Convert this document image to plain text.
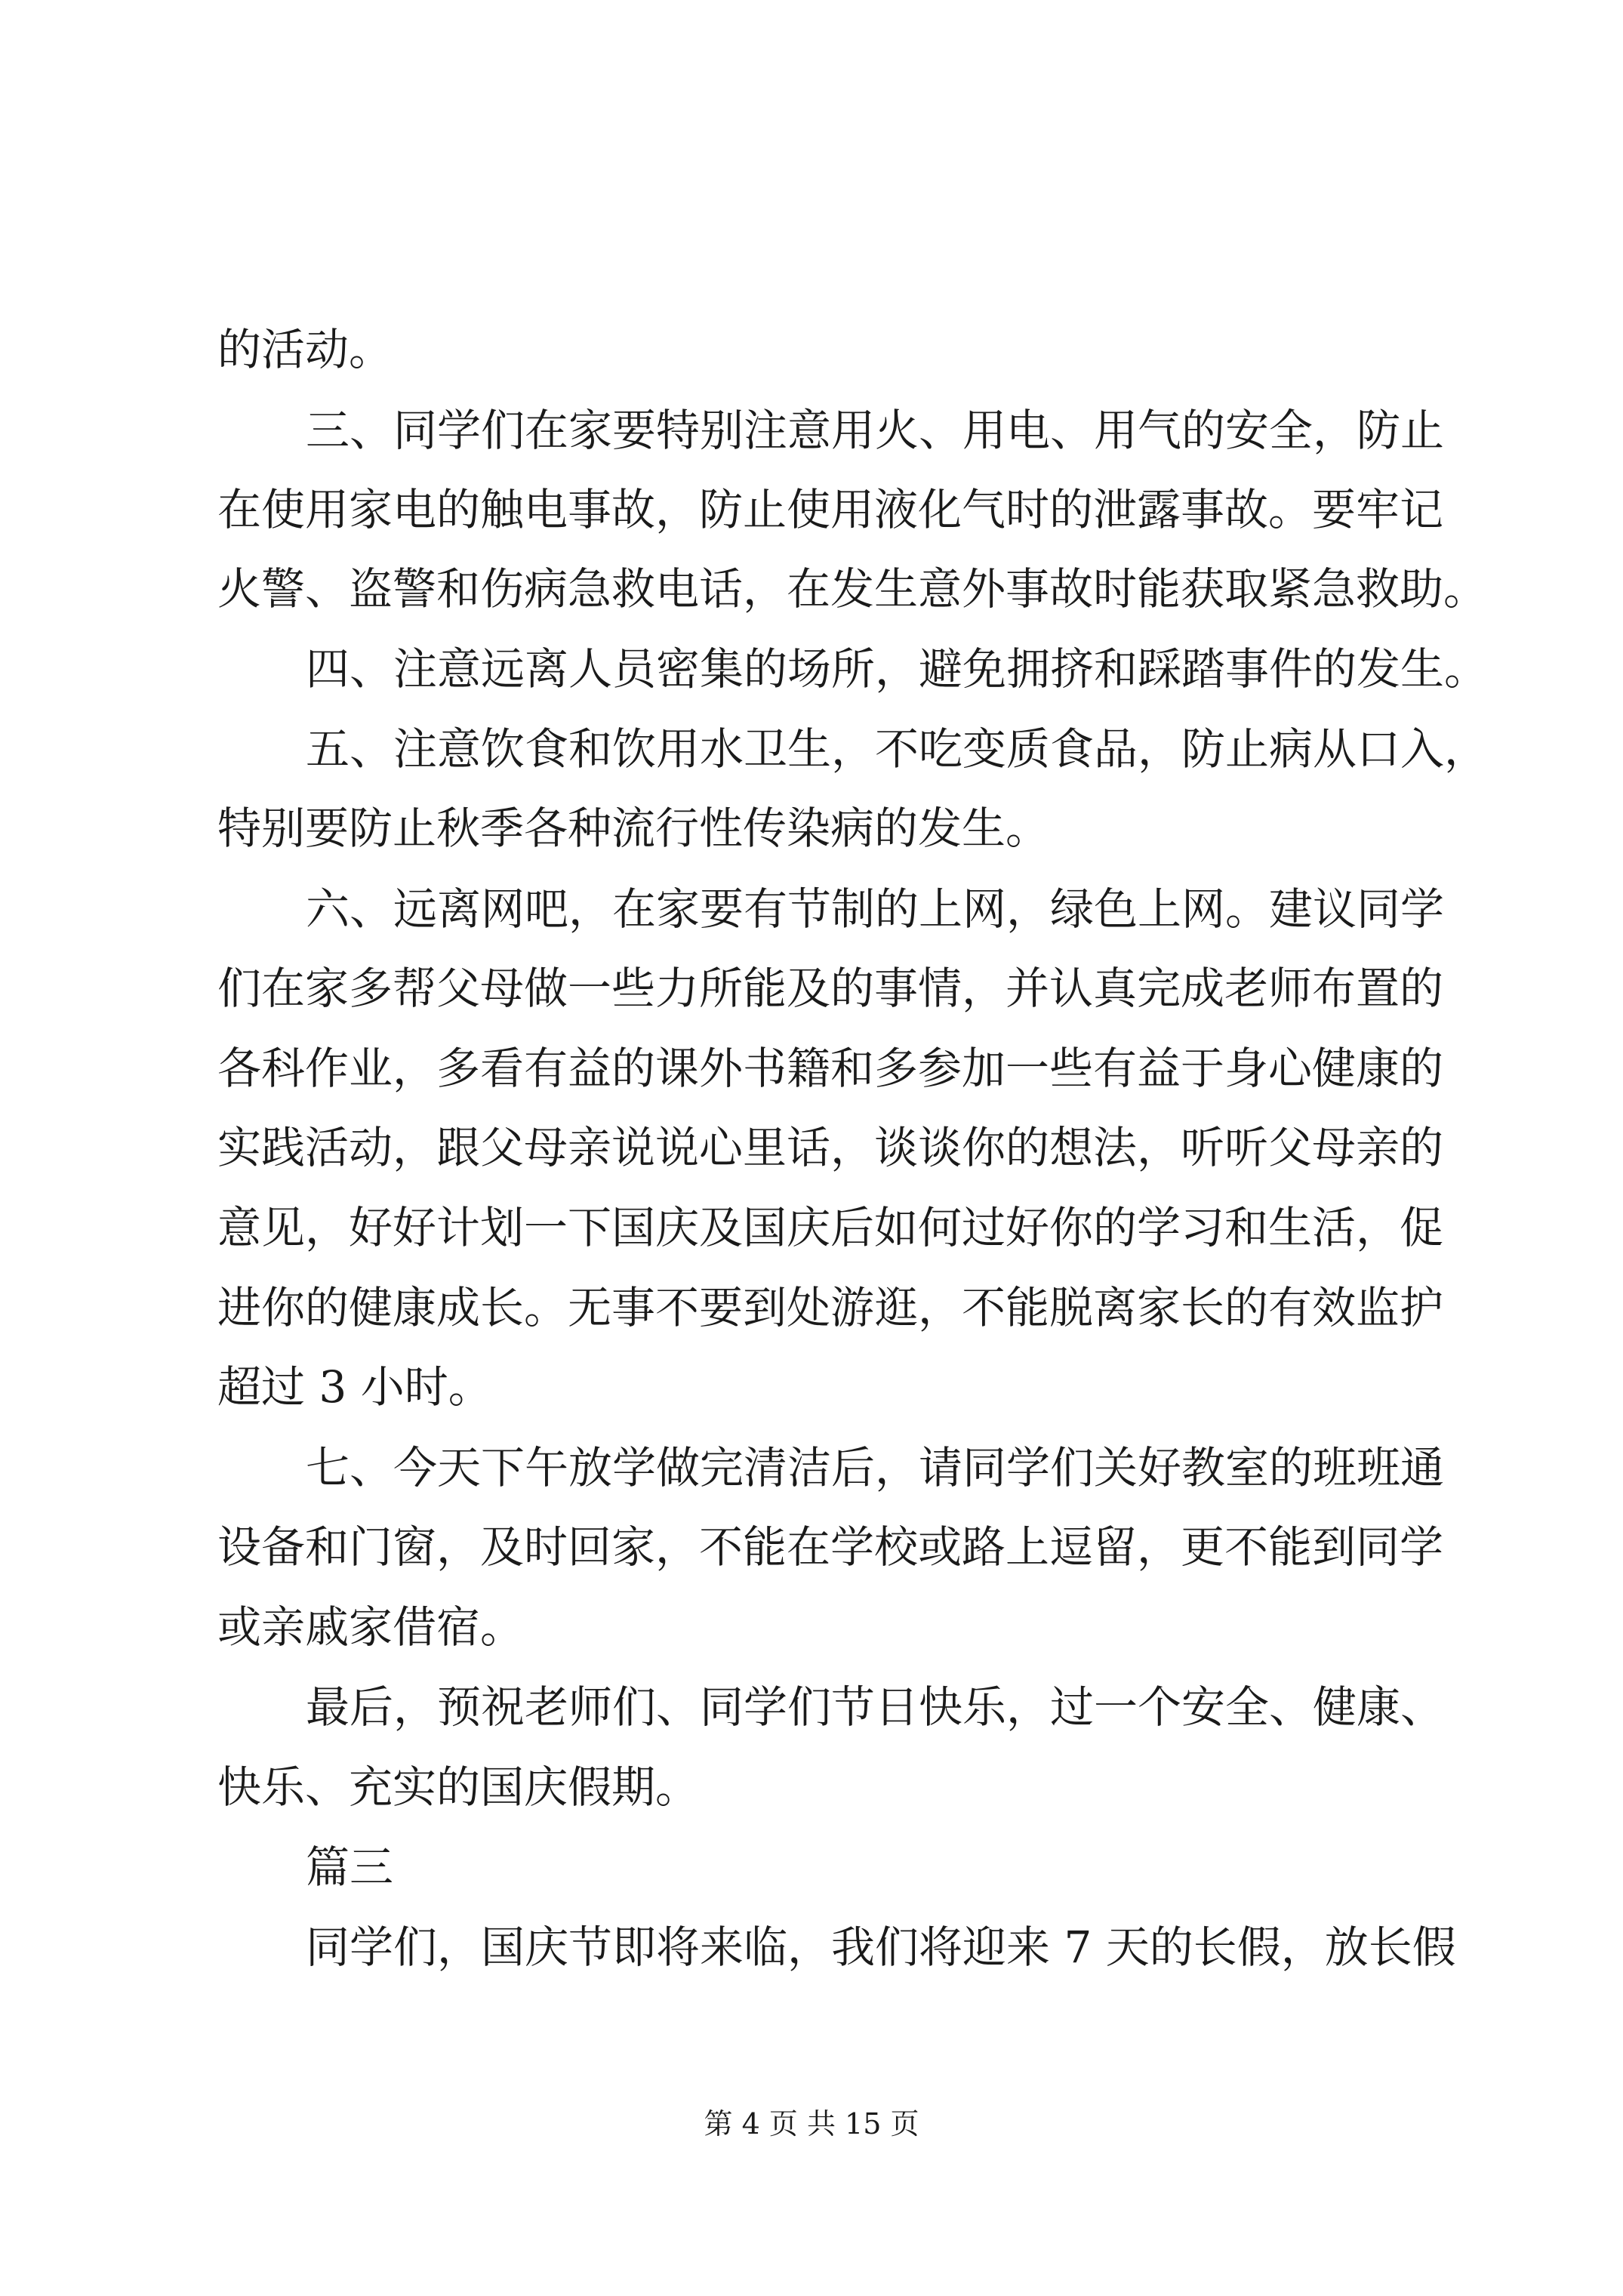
的活动。
三、同学们在家要特别注意用火、用电、用气的安全，防止
在使用家电的触电事故，防止使用液化气时的泄露事故。要牢记
火警、盗警和伤病急救电话，在发生意外事故时能获取紧急救助。
四、注意远离人员密集的场所，避免拥挤和踩踏事件的发生。
五、注意饮食和饮用水卫生，不吃变质食品，防止病从口入，
特别要防止秋季各种流行性传染病的发生。
六、远离网吧，在家要有节制的上网，绿色上网。建议同学
们在家多帮父母做一些力所能及的事情，并认真完成老师布置的
各科作业，多看有益的课外书籍和多参加一些有益于身心健康的
实践活动，跟父母亲说说心里话，谈谈你的想法，听听父母亲的
意见，好好计划一下国庆及国庆后如何过好你的学习和生活，促
进你的健康成长。无事不要到处游逛，不能脱离家长的有效监护
超过 3 小时。
七、今天下午放学做完清洁后，请同学们关好教室的班班通
设备和门窗，及时回家，不能在学校或路上逗留，更不能到同学
或亲戚家借宿。
最后，预祝老师们、同学们节日快乐，过一个安全、健康、
快乐、充实的国庆假期。
篇三
同学们，国庆节即将来临，我们将迎来 7 天的长假，放长假
第 4 页 共 15 页
